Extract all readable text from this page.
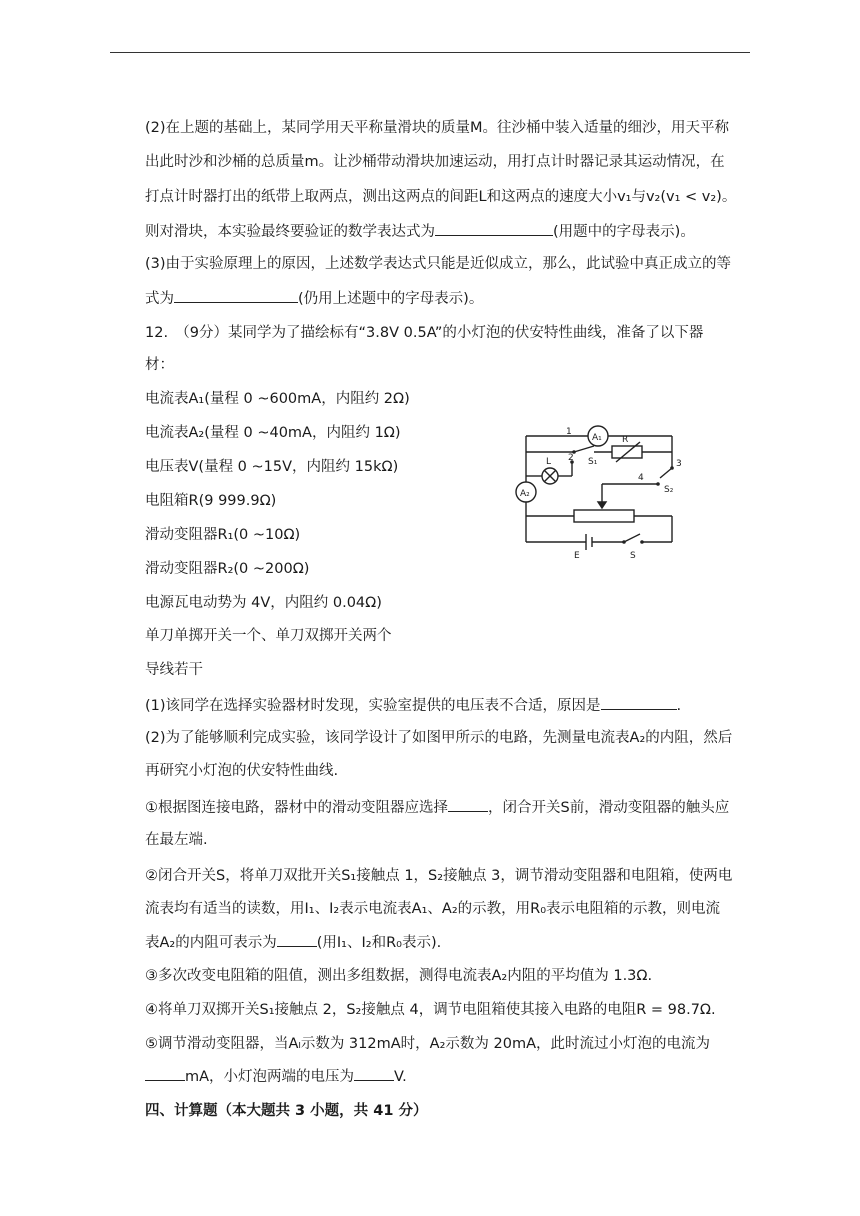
(2)在上题的基础上，某同学用天平称量滑块的质量M。往沙桶中装入适量的细沙，用天平称
出此时沙和沙桶的总质量m。让沙桶带动滑块加速运动，用打点计时器记录其运动情况，在
打点计时器打出的纸带上取两点，测出这两点的间距L和这两点的速度大小v₁与v₂(v₁ < v₂)。
则对滑块，本实验最终要验证的数学表达式为	(用题中的字母表示)。
(3)由于实验原理上的原因，上述数学表达式只能是近似成立，那么，此试验中真正成立的等
式为	(仍用上述题中的字母表示)。
12.　（9分）某同学为了描绘标有“3.8V 0.5A”的小灯泡的伏安特性曲线，准备了以下器
材：
电流表A₁(量程 0 ~600mA，内阻约 2Ω)
电流表A₂(量程 0 ~40mA，内阻约 1Ω)
电压表V(量程 0 ~15V，内阻约 15kΩ)
电阻箱R(9 999.9Ω)
滑动变阻器R₁(0 ~10Ω)
滑动变阻器R₂(0 ~200Ω)
电源瓦电动势为 4V，内阻约 0.04Ω)
单刀单掷开关一个、单刀双掷开关两个
导线若干
(1)该同学在选择实验器材时发现，实验室提供的电压表不合适，原因是	.
(2)为了能够顺利完成实验，该同学设计了如图甲所示的电路，先测量电流表A₂的内阻，然后
再研究小灯泡的伏安特性曲线.
①根据图连接电路，器材中的滑动变阻器应选择	，闭合开关S前，滑动变阻器的触头应
在最左端.
②闭合开关S，将单刀双批开关S₁接触点 1，S₂接触点 3，调节滑动变阻器和电阻箱，使两电
流表均有适当的读数，用I₁、I₂表示电流表A₁、A₂的示教，用R₀表示电阻箱的示教，则电流
表A₂的内阻可表示为	(用I₁、I₂和R₀表示).
③多次改变电阻箱的阻值，测出多组数据，测得电流表A₂内阻的平均值为 1.3Ω.
④将单刀双掷开关S₁接触点 2，S₂接触点 4，调节电阻箱使其接入电路的电阻R = 98.7Ω.
⑤调节滑动变阻器，当Aₗ示数为 312mA时，A₂示数为 20mA，此时流过小灯泡的电流为
mA，小灯泡两端的电压为	V.
四、计算题（本大题共 3 小题，共 41 分）
A₁
1
S₁
R
2
L	3
4
S₂
A₂
E	S
